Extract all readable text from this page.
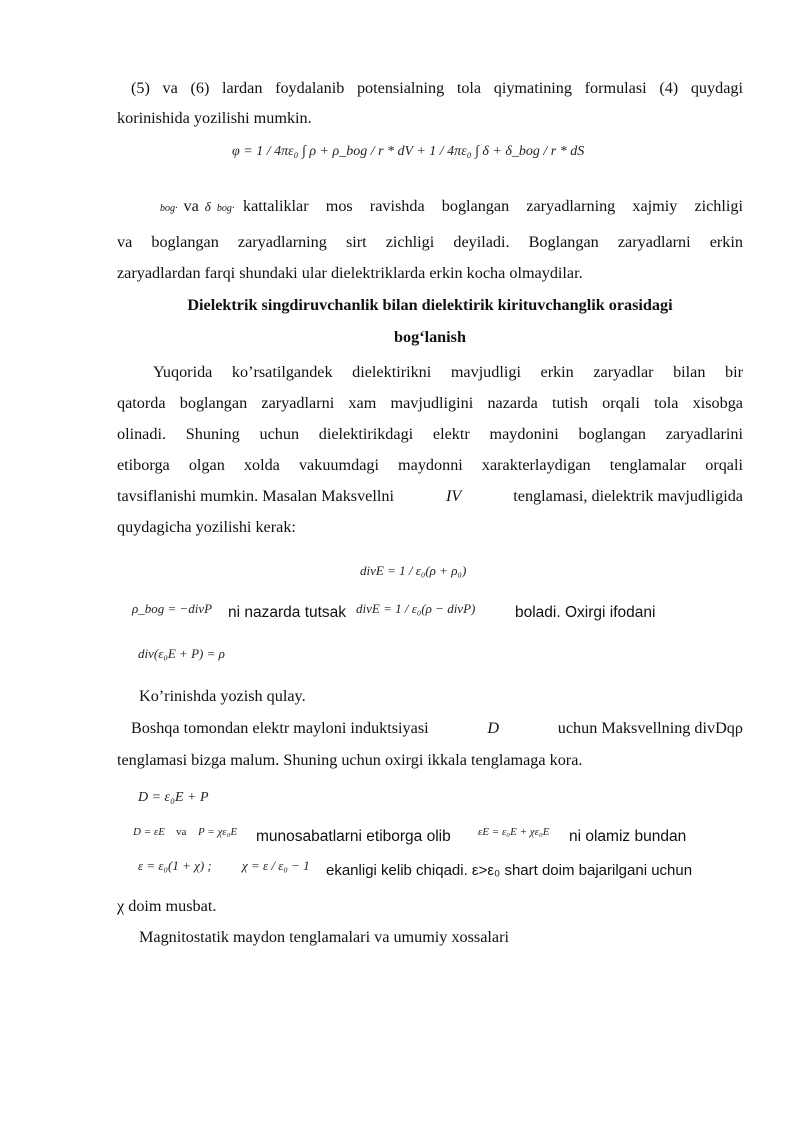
(5) va (6) lardan foydalanib potensialning tola qiymatining formulasi (4) quydagi
korinishida yozilishi mumkin.
φ = 1 / 4πε₀ ∫ ρ + ρ_bog / r * dV + 1 / 4πε₀ ∫ δ + δ_bog / r * dS
bog· va δ bog· kattaliklar mos ravishda boglangan zaryadlarning xajmiy zichligi
va boglangan zaryadlarning sirt zichligi deyiladi. Boglangan zaryadlarni erkin
zaryadlardan farqi shundaki ular dielektriklarda erkin kocha olmaydilar.
Dielektrik singdiruvchanlik bilan dielektirik kirituvchanglik orasidagi
bog‘lanish
Yuqorida ko’rsatilgandek dielektirikni mavjudligi erkin zaryadlar bilan bir
qatorda boglangan zaryadlarni xam mavjudligini nazarda tutish orqali tola xisobga
olinadi. Shuning uchun dielektirikdagi elektr maydonini boglangan zaryadlarini
etiborga olgan xolda vakuumdagi maydonni xarakterlaydigan tenglamalar orqali
tavsiflanishi mumkin. Masalan Maksvellni	IV	tenglamasi, dielektrik mavjudligida
quydagicha yozilishi kerak:
divE = 1 / ε₀(ρ + ρ₀)
ρ_bog = −divP ni nazarda tutsak divE = 1 / ε₀(ρ − divP)	boladi. Oxirgi ifodani
div(ε₀E + P) = ρ
Ko’rinishda yozish qulay.
Boshqa tomondan elektr mayloni induktsiyasi	D	uchun Maksvellning divDqρ
tenglamasi bizga malum. Shuning uchun oxirgi ikkala tenglamaga kora.
D = ε₀E + P
D = εE va P = χε₀E munosabatlarni etiborga olib εE = ε₀E + χε₀E ni olamiz bundan
ε = ε₀(1 + χ) ; χ = ε / ε₀ − 1 ekanligi kelib chiqadi. ε>ε₀ shart doim bajarilgani uchun
χ doim musbat.
Magnitostatik maydon tenglamalari va umumiy xossalari
